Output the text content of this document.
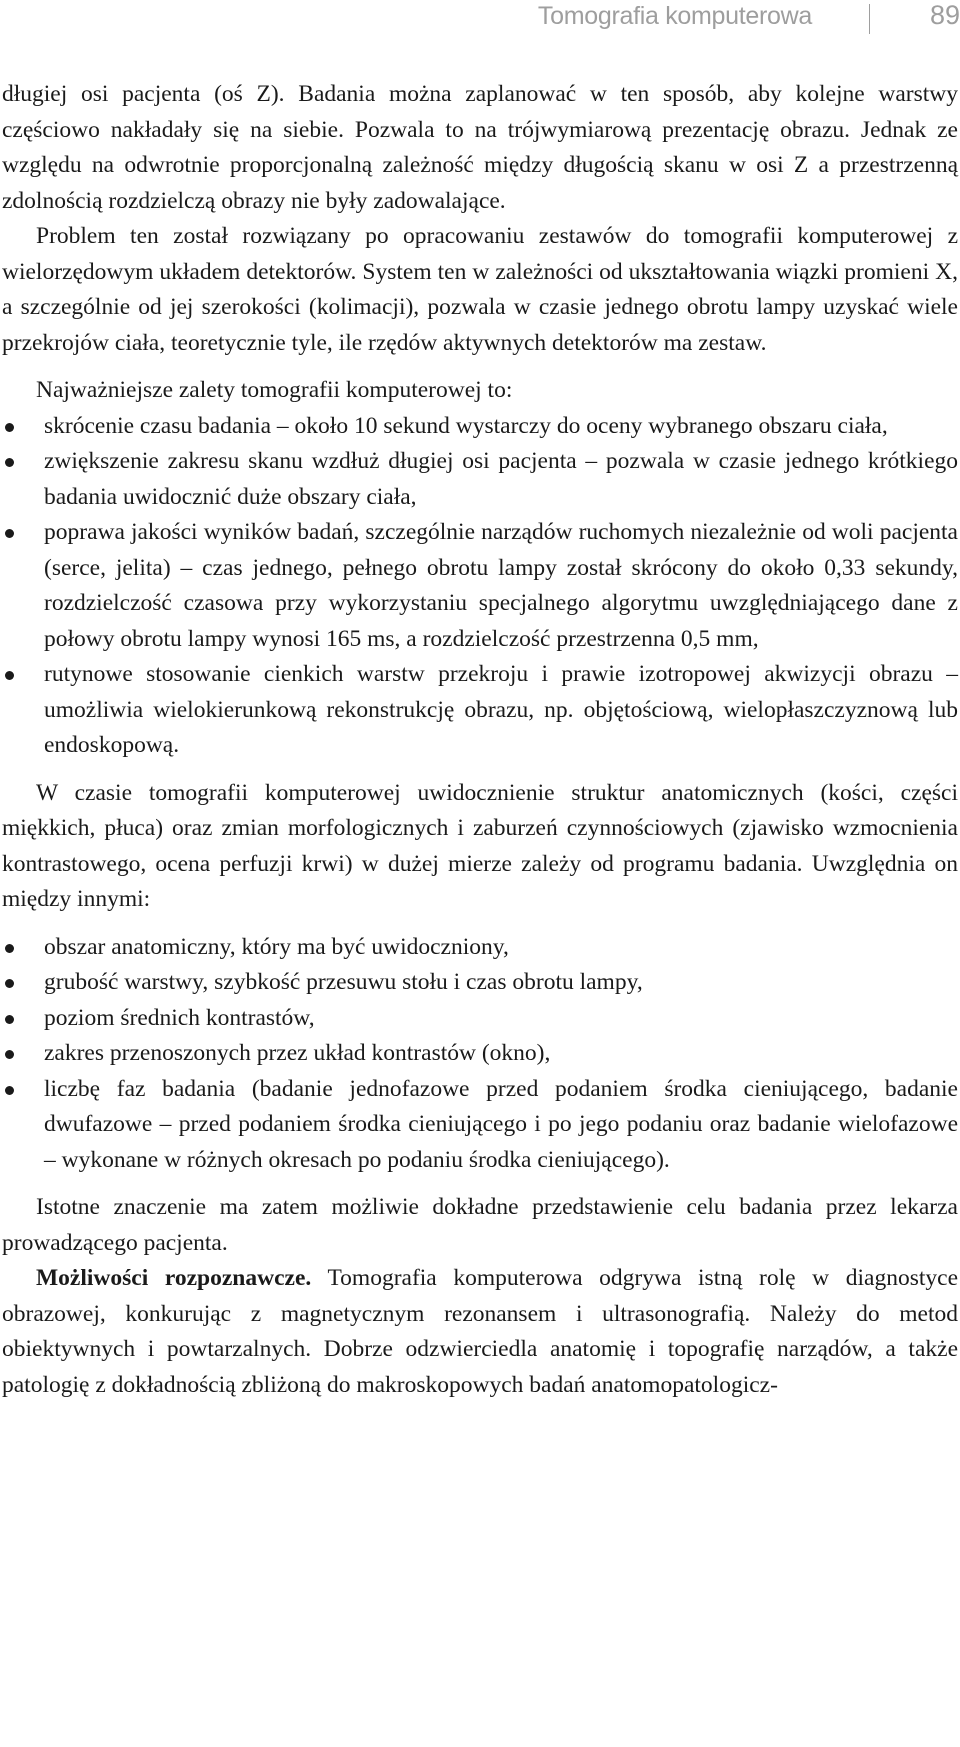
Tomografia komputerowa	89

długiej osi pacjenta (oś Z). Badania można zaplanować w ten sposób, aby kolejne warstwy częściowo nakładały się na siebie. Pozwala to na trójwymiarową prezentację obrazu. Jednak ze względu na odwrotnie proporcjonalną zależność między długością skanu w osi Z a przestrzenną zdolnością rozdzielczą obrazy nie były zadowalające.

Problem ten został rozwiązany po opracowaniu zestawów do tomografii komputerowej z wielorzędowym układem detektorów. System ten w zależności od ukształtowania wiązki promieni X, a szczególnie od jej szerokości (kolimacji), pozwala w czasie jednego obrotu lampy uzyskać wiele przekrojów ciała, teoretycznie tyle, ile rzędów aktywnych detektorów ma zestaw.

Najważniejsze zalety tomografii komputerowej to:

skrócenie czasu badania – około 10 sekund wystarczy do oceny wybranego obszaru ciała,
zwiększenie zakresu skanu wzdłuż długiej osi pacjenta – pozwala w czasie jednego krótkiego badania uwidocznić duże obszary ciała,
poprawa jakości wyników badań, szczególnie narządów ruchomych niezależnie od woli pacjenta (serce, jelita) – czas jednego, pełnego obrotu lampy został skrócony do około 0,33 sekundy, rozdzielczość czasowa przy wykorzystaniu specjalnego algorytmu uwzględniającego dane z połowy obrotu lampy wynosi 165 ms, a rozdzielczość przestrzenna 0,5 mm,
rutynowe stosowanie cienkich warstw przekroju i prawie izotropowej akwizycji obrazu – umożliwia wielokierunkową rekonstrukcję obrazu, np. objętościową, wielopłaszczyznową lub endoskopową.

W czasie tomografii komputerowej uwidocznienie struktur anatomicznych (kości, części miękkich, płuca) oraz zmian morfologicznych i zaburzeń czynnościowych (zjawisko wzmocnienia kontrastowego, ocena perfuzji krwi) w dużej mierze zależy od programu badania. Uwzględnia on między innymi:

obszar anatomiczny, który ma być uwidoczniony,
grubość warstwy, szybkość przesuwu stołu i czas obrotu lampy,
poziom średnich kontrastów,
zakres przenoszonych przez układ kontrastów (okno),
liczbę faz badania (badanie jednofazowe przed podaniem środka cieniującego, badanie dwufazowe – przed podaniem środka cieniującego i po jego podaniu oraz badanie wielofazowe – wykonane w różnych okresach po podaniu środka cieniującego).

Istotne znaczenie ma zatem możliwie dokładne przedstawienie celu badania przez lekarza prowadzącego pacjenta.

Możliwości rozpoznawcze. Tomografia komputerowa odgrywa istną rolę w diagnostyce obrazowej, konkurując z magnetycznym rezonansem i ultrasonografią. Należy do metod obiektywnych i powtarzalnych. Dobrze odzwierciedla anatomię i topografię narządów, a także patologię z dokładnością zbliżoną do makroskopowych badań anatomopatologicz-
